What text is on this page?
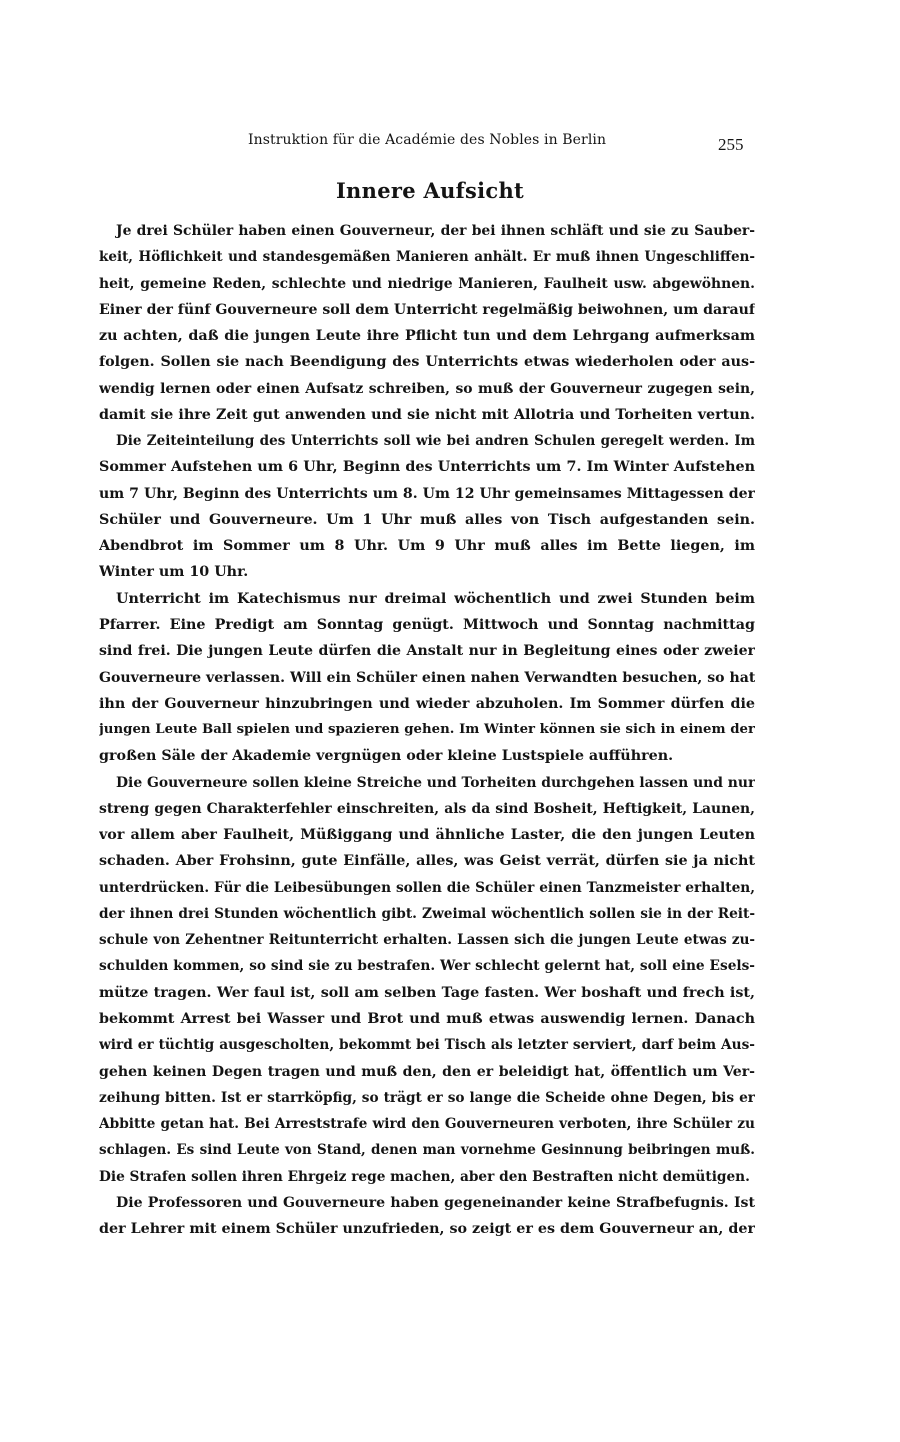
Instruktion für die Académie des Nobles in Berlin	255
Innere Aufsicht
Je drei Schüler haben einen Gouverneur, der bei ihnen schläft und sie zu Sauber-
keit, Höflichkeit und standesgemäßen Manieren anhält. Er muß ihnen Ungeschliffen-
heit, gemeine Reden, schlechte und niedrige Manieren, Faulheit usw. abgewöhnen.
Einer der fünf Gouverneure soll dem Unterricht regelmäßig beiwohnen, um darauf
zu achten, daß die jungen Leute ihre Pflicht tun und dem Lehrgang aufmerksam
folgen. Sollen sie nach Beendigung des Unterrichts etwas wiederholen oder aus-
wendig lernen oder einen Aufsatz schreiben, so muß der Gouverneur zugegen sein,
damit sie ihre Zeit gut anwenden und sie nicht mit Allotria und Torheiten vertun.
Die Zeiteinteilung des Unterrichts soll wie bei andren Schulen geregelt werden. Im
Sommer Aufstehen um 6 Uhr, Beginn des Unterrichts um 7. Im Winter Aufstehen
um 7 Uhr, Beginn des Unterrichts um 8. Um 12 Uhr gemeinsames Mittagessen der
Schüler und Gouverneure. Um 1 Uhr muß alles von Tisch aufgestanden sein.
Abendbrot im Sommer um 8 Uhr. Um 9 Uhr muß alles im Bette liegen, im
Winter um 10 Uhr.
Unterricht im Katechismus nur dreimal wöchentlich und zwei Stunden beim
Pfarrer. Eine Predigt am Sonntag genügt. Mittwoch und Sonntag nachmittag
sind frei. Die jungen Leute dürfen die Anstalt nur in Begleitung eines oder zweier
Gouverneure verlassen. Will ein Schüler einen nahen Verwandten besuchen, so hat
ihn der Gouverneur hinzubringen und wieder abzuholen. Im Sommer dürfen die
jungen Leute Ball spielen und spazieren gehen. Im Winter können sie sich in einem der
großen Säle der Akademie vergnügen oder kleine Lustspiele aufführen.
Die Gouverneure sollen kleine Streiche und Torheiten durchgehen lassen und nur
streng gegen Charakterfehler einschreiten, als da sind Bosheit, Heftigkeit, Launen,
vor allem aber Faulheit, Müßiggang und ähnliche Laster, die den jungen Leuten
schaden. Aber Frohsinn, gute Einfälle, alles, was Geist verrät, dürfen sie ja nicht
unterdrücken. Für die Leibesübungen sollen die Schüler einen Tanzmeister erhalten,
der ihnen drei Stunden wöchentlich gibt. Zweimal wöchentlich sollen sie in der Reit-
schule von Zehentner Reitunterricht erhalten. Lassen sich die jungen Leute etwas zu-
schulden kommen, so sind sie zu bestrafen. Wer schlecht gelernt hat, soll eine Esels-
mütze tragen. Wer faul ist, soll am selben Tage fasten. Wer boshaft und frech ist,
bekommt Arrest bei Wasser und Brot und muß etwas auswendig lernen. Danach
wird er tüchtig ausgescholten, bekommt bei Tisch als letzter serviert, darf beim Aus-
gehen keinen Degen tragen und muß den, den er beleidigt hat, öffentlich um Ver-
zeihung bitten. Ist er starrköpfig, so trägt er so lange die Scheide ohne Degen, bis er
Abbitte getan hat. Bei Arreststrafe wird den Gouverneuren verboten, ihre Schüler zu
schlagen. Es sind Leute von Stand, denen man vornehme Gesinnung beibringen muß.
Die Strafen sollen ihren Ehrgeiz rege machen, aber den Bestraften nicht demütigen.
Die Professoren und Gouverneure haben gegeneinander keine Strafbefugnis. Ist
der Lehrer mit einem Schüler unzufrieden, so zeigt er es dem Gouverneur an, der
